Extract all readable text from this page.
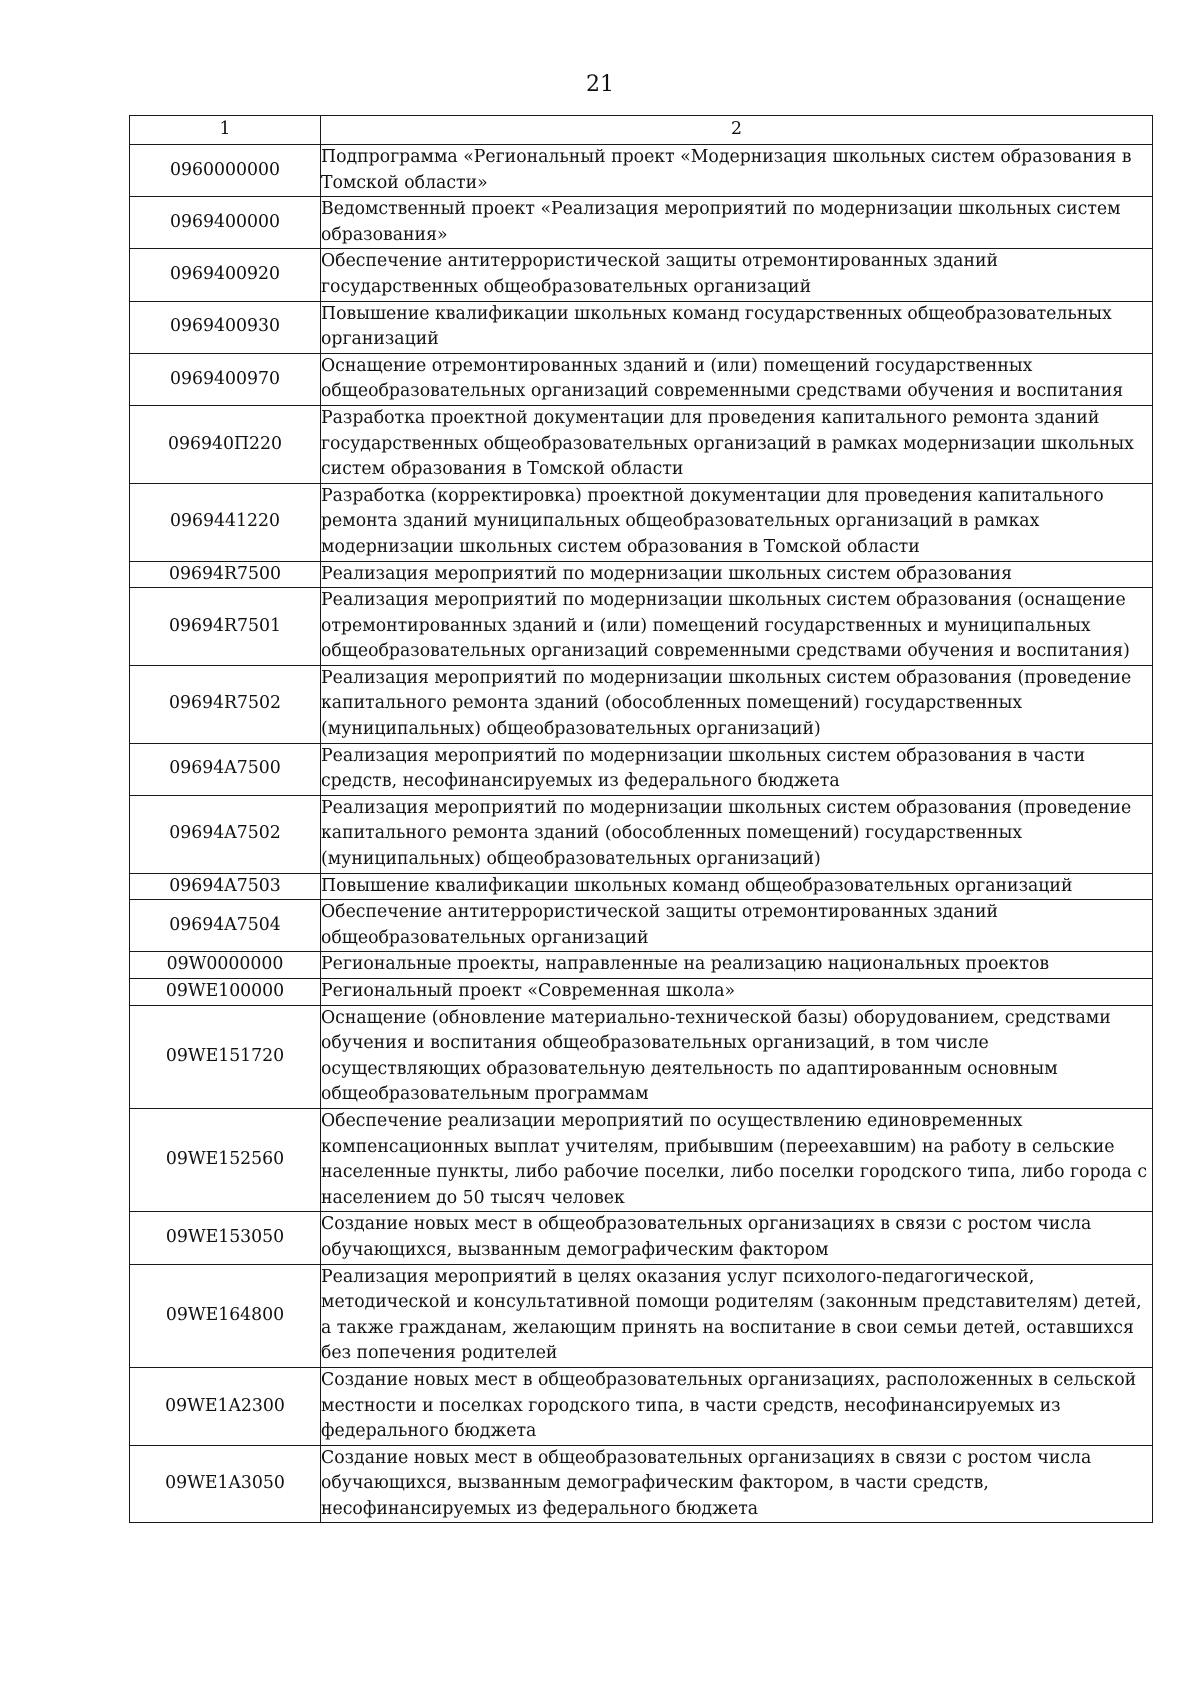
21
1	2
0960000000	Подпрограмма «Региональный проект «Модернизация школьных систем образования в Томской области»
0969400000	Ведомственный проект «Реализация мероприятий по модернизации школьных систем образования»
0969400920	Обеспечение антитеррористической защиты отремонтированных зданий государственных общеобразовательных организаций
0969400930	Повышение квалификации школьных команд государственных общеобразовательных организаций
0969400970	Оснащение отремонтированных зданий и (или) помещений государственных общеобразовательных организаций современными средствами обучения и воспитания
096940П220	Разработка проектной документации для проведения капитального ремонта зданий государственных общеобразовательных организаций в рамках модернизации школьных систем образования в Томской области
0969441220	Разработка (корректировка) проектной документации для проведения капитального ремонта зданий муниципальных общеобразовательных организаций в рамках модернизации школьных систем образования в Томской области
09694R7500	Реализация мероприятий по модернизации школьных систем образования
09694R7501	Реализация мероприятий по модернизации школьных систем образования (оснащение отремонтированных зданий и (или) помещений государственных и муниципальных общеобразовательных организаций современными средствами обучения и воспитания)
09694R7502	Реализация мероприятий по модернизации школьных систем образования (проведение капитального ремонта зданий (обособленных помещений) государственных (муниципальных) общеобразовательных организаций)
09694A7500	Реализация мероприятий по модернизации школьных систем образования в части средств, несофинансируемых из федерального бюджета
09694A7502	Реализация мероприятий по модернизации школьных систем образования (проведение капитального ремонта зданий (обособленных помещений) государственных (муниципальных) общеобразовательных организаций)
09694A7503	Повышение квалификации школьных команд общеобразовательных организаций
09694A7504	Обеспечение антитеррористической защиты отремонтированных зданий общеобразовательных организаций
09W0000000	Региональные проекты, направленные на реализацию национальных проектов
09WE100000	Региональный проект «Современная школа»
09WE151720	Оснащение (обновление материально-технической базы) оборудованием, средствами обучения и воспитания общеобразовательных организаций, в том числе осуществляющих образовательную деятельность по адаптированным основным общеобразовательным программам
09WE152560	Обеспечение реализации мероприятий по осуществлению единовременных компенсационных выплат учителям, прибывшим (переехавшим) на работу в сельские населенные пункты, либо рабочие поселки, либо поселки городского типа, либо города с населением до 50 тысяч человек
09WE153050	Создание новых мест в общеобразовательных организациях в связи с ростом числа обучающихся, вызванным демографическим фактором
09WE164800	Реализация мероприятий в целях оказания услуг психолого-педагогической, методической и консультативной помощи родителям (законным представителям) детей, а также гражданам, желающим принять на воспитание в свои семьи детей, оставшихся без попечения родителей
09WE1A2300	Создание новых мест в общеобразовательных организациях, расположенных в сельской местности и поселках городского типа, в части средств, несофинансируемых из федерального бюджета
09WE1A3050	Создание новых мест в общеобразовательных организациях в связи с ростом числа обучающихся, вызванным демографическим фактором, в части средств, несофинансируемых из федерального бюджета
